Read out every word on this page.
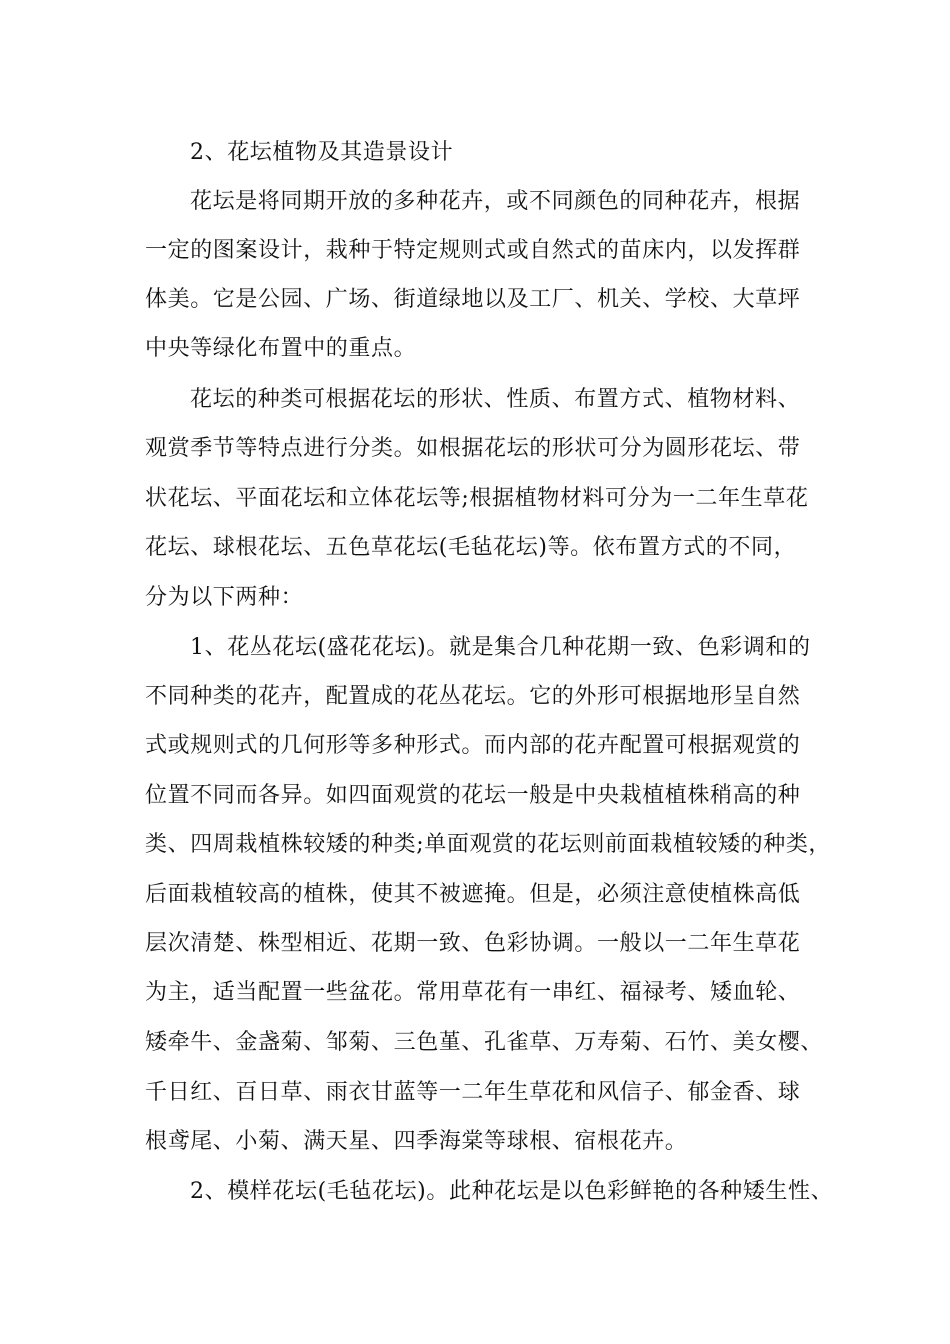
2、花坛植物及其造景设计
花坛是将同期开放的多种花卉，或不同颜色的同种花卉，根据
一定的图案设计，栽种于特定规则式或自然式的苗床内，以发挥群
体美。它是公园、广场、街道绿地以及工厂、机关、学校、大草坪
中央等绿化布置中的重点。
花坛的种类可根据花坛的形状、性质、布置方式、植物材料、
观赏季节等特点进行分类。如根据花坛的形状可分为圆形花坛、带
状花坛、平面花坛和立体花坛等;根据植物材料可分为一二年生草花
花坛、球根花坛、五色草花坛(毛毡花坛)等。依布置方式的不同，
分为以下两种：
1、花丛花坛(盛花花坛)。就是集合几种花期一致、色彩调和的
不同种类的花卉，配置成的花丛花坛。它的外形可根据地形呈自然
式或规则式的几何形等多种形式。而内部的花卉配置可根据观赏的
位置不同而各异。如四面观赏的花坛一般是中央栽植植株稍高的种
类、四周栽植株较矮的种类;单面观赏的花坛则前面栽植较矮的种类，
后面栽植较高的植株，使其不被遮掩。但是，必须注意使植株高低
层次清楚、株型相近、花期一致、色彩协调。一般以一二年生草花
为主，适当配置一些盆花。常用草花有一串红、福禄考、矮血轮、
矮牵牛、金盏菊、邹菊、三色堇、孔雀草、万寿菊、石竹、美女樱、
千日红、百日草、雨衣甘蓝等一二年生草花和风信子、郁金香、球
根鸢尾、小菊、满天星、四季海棠等球根、宿根花卉。
2、模样花坛(毛毡花坛)。此种花坛是以色彩鲜艳的各种矮生性、
